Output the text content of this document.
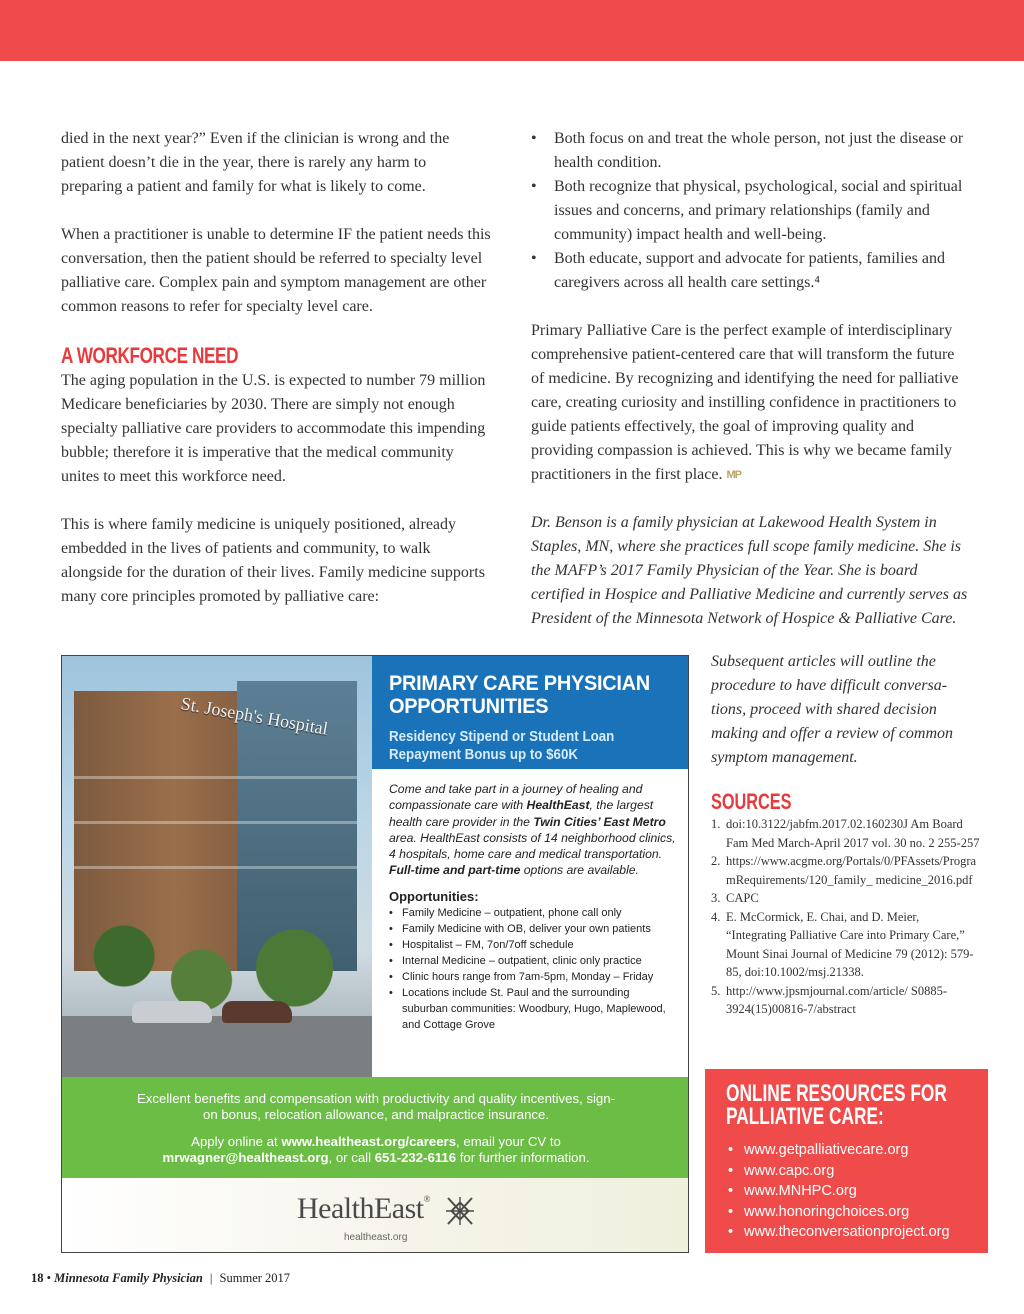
died in the next year?” Even if the clinician is wrong and the patient doesn’t die in the year, there is rarely any harm to preparing a patient and family for what is likely to come.

When a practitioner is unable to determine IF the patient needs this conversation, then the patient should be referred to specialty level palliative care. Complex pain and symptom management are other common reasons to refer for specialty level care.

A WORKFORCE NEED

The aging population in the U.S. is expected to number 79 million Medicare beneficiaries by 2030. There are simply not enough specialty palliative care providers to accommodate this impending bubble; therefore it is imperative that the medical community unites to meet this workforce need.

This is where family medicine is uniquely positioned, already embedded in the lives of patients and community, to walk alongside for the duration of their lives. Family medicine supports many core principles promoted by palliative care:

• Both focus on and treat the whole person, not just the disease or health condition.
• Both recognize that physical, psychological, social and spiritual issues and concerns, and primary relationships (family and community) impact health and well-being.
• Both educate, support and advocate for patients, families and caregivers across all health care settings.⁴

Primary Palliative Care is the perfect example of interdisciplinary comprehensive patient-centered care that will transform the future of medicine. By recognizing and identifying the need for palliative care, creating curiosity and instilling confidence in practitioners to guide patients effectively, the goal of improving quality and providing compassion is achieved. This is why we became family practitioners in the first place. MP

Dr. Benson is a family physician at Lakewood Health System in Staples, MN, where she practices full scope family medicine. She is the MAFP’s 2017 Family Physician of the Year. She is board certified in Hospice and Palliative Medicine and currently serves as President of the Minnesota Network of Hospice & Palliative Care.

St. Joseph's Hospital
PRIMARY CARE PHYSICIAN OPPORTUNITIES
Residency Stipend or Student Loan Repayment Bonus up to $60K

Come and take part in a journey of healing and compassionate care with HealthEast, the largest health care provider in the Twin Cities’ East Metro area. HealthEast consists of 14 neighborhood clinics, 4 hospitals, home care and medical transportation. Full-time and part-time options are available.

Opportunities:
• Family Medicine – outpatient, phone call only
• Family Medicine with OB, deliver your own patients
• Hospitalist – FM, 7on/7off schedule
• Internal Medicine – outpatient, clinic only practice
• Clinic hours range from 7am-5pm, Monday – Friday
• Locations include St. Paul and the surrounding suburban communities: Woodbury, Hugo, Maplewood, and Cottage Grove

Excellent benefits and compensation with productivity and quality incentives, sign-on bonus, relocation allowance, and malpractice insurance.

Apply online at www.healtheast.org/careers, email your CV to mrwagner@healtheast.org, or call 651-232-6116 for further information.

HealthEast®
healtheast.org

Subsequent articles will outline the procedure to have difficult conversations, proceed with shared decision making and offer a review of common symptom management.

SOURCES
1. doi:10.3122/jabfm.2017.02.160230J Am Board Fam Med March-April 2017 vol. 30 no. 2 255-257
2. https://www.acgme.org/Portals/0/PFAssets/ProgramRequirements/120_family_ medicine_2016.pdf
3. CAPC
4. E. McCormick, E. Chai, and D. Meier, “Integrating Palliative Care into Primary Care,” Mount Sinai Journal of Medicine 79 (2012): 579-85, doi:10.1002/msj.21338.
5. http://www.jpsmjournal.com/article/ S0885-3924(15)00816-7/abstract
ONLINE RESOURCES FOR
PALLIATIVE CARE:
• www.getpalliativecare.org
• www.capc.org
• www.MNHPC.org
• www.honoringchoices.org
• www.theconversationproject.org
18 • Minnesota Family Physician | Summer 2017
